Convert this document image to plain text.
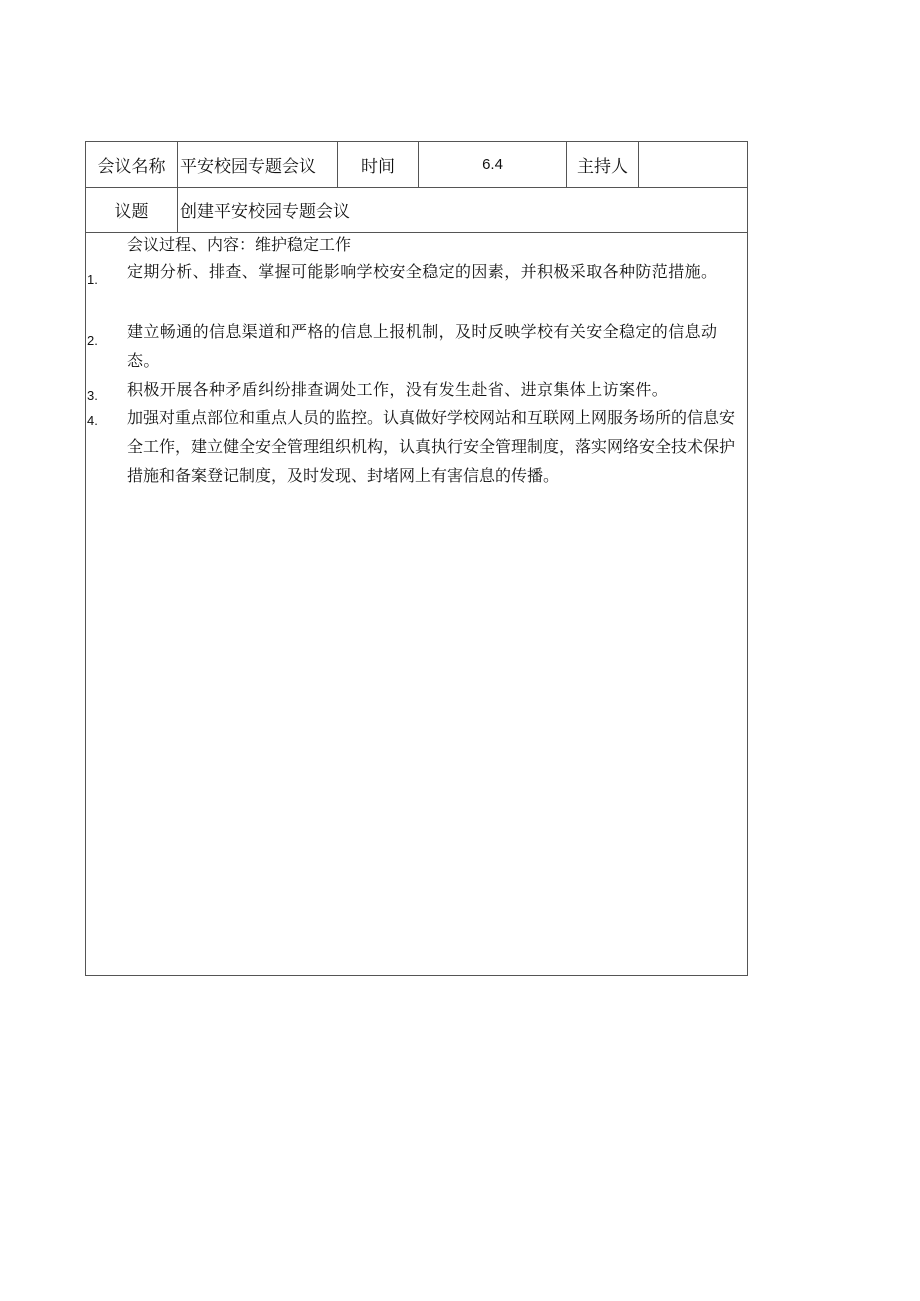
会议名称 平安校园专题会议	时间	6.4	主持人
议题	创建平安校园专题会议
会议过程、内容：维护稳定工作
1. 定期分析、排查、掌握可能影响学校安全稳定的因素，并积极采取各种防范措施。
2. 建立畅通的信息渠道和严格的信息上报机制，及时反映学校有关安全稳定的信息动态。
3. 积极开展各种矛盾纠纷排查调处工作，没有发生赴省、进京集体上访案件。
4. 加强对重点部位和重点人员的监控。认真做好学校网站和互联网上网服务场所的信息安全工作，建立健全安全管理组织机构，认真执行安全管理制度，落实网络安全技术保护措施和备案登记制度，及时发现、封堵网上有害信息的传播。
